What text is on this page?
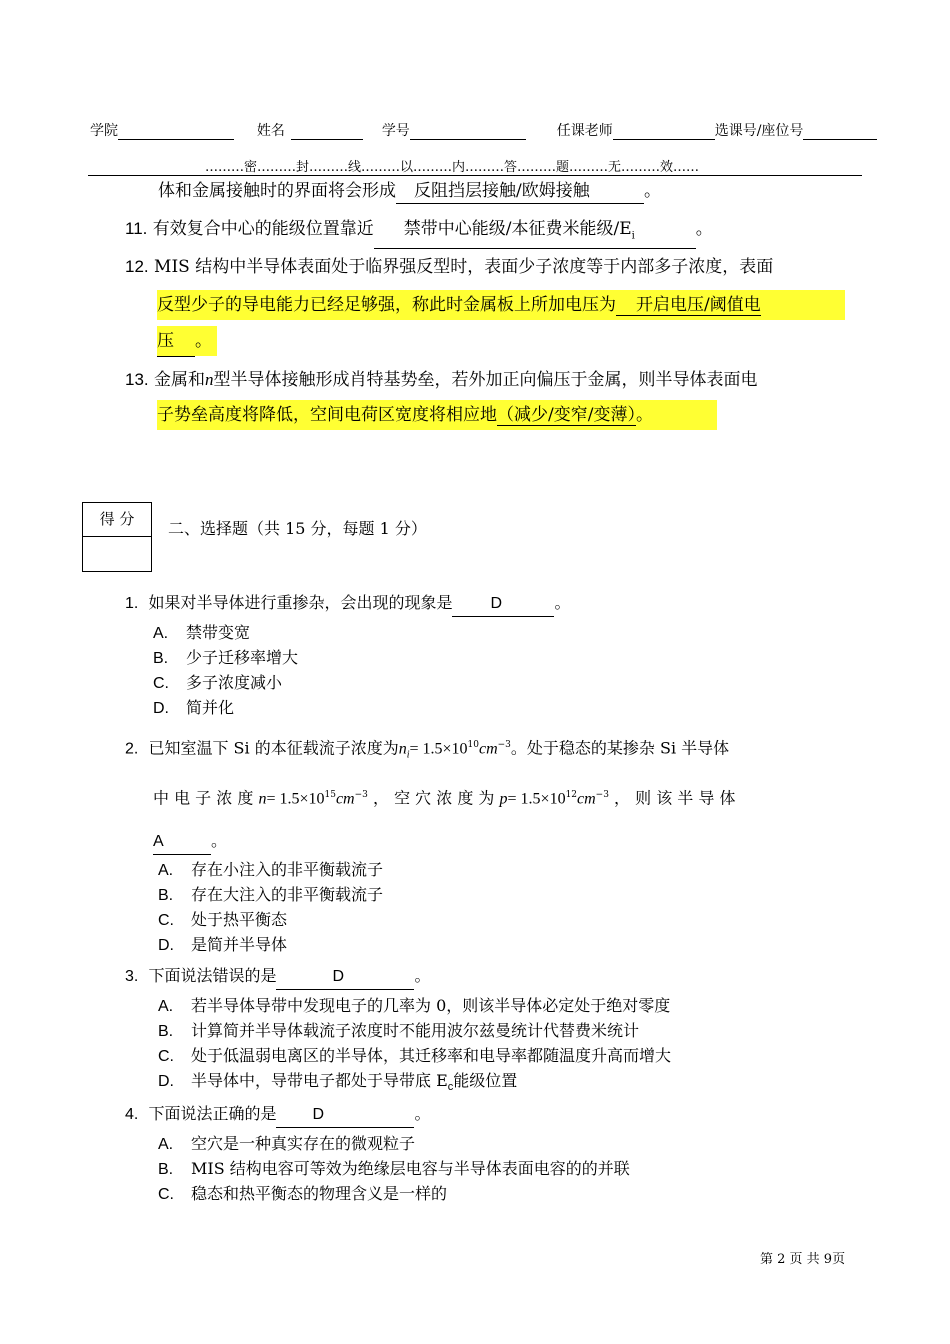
学院	姓名	学号	任课老师	选课号/座位号
………密………封………线………以………内………答………题………无………效……
体和金属接触时的界面将会形成 反阻挡层接触/欧姆接触	。
11. 有效复合中心的能级位置靠近 禁带中心能级/本征费米能级$/E_i$	。
12. MIS 结构中半导体表面处于临界强反型时，表面少子浓度等于内部多子浓度，表面
反型少子的导电能力已经足够强，称此时金属板上所加电压为 开启电压/阈值电
压 。
13. 金属和n型半导体接触形成肖特基势垒，若外加正向偏压于金属，则半导体表面电
子势垒高度将降低，空间电荷区宽度将相应地（减少/变窄/变薄）。
得 分	二、选择题（共 15 分，每题 1 分）
1. 如果对半导体进行重掺杂，会出现的现象是 D	。
A. 禁带变宽
B. 少子迁移率增大
C. 多子浓度减小
D. 简并化
2. 已知室温下 Si 的本征载流子浓度为$n_i= 1.5\times 10^{10}cm^{-3}$。处于稳态的某掺杂 Si 半导体
中 电 子 浓 度 $n= 1.5\times 10^{15}cm^{-3}$ ， 空 穴 浓 度 为 $p= 1.5\times 10^{12}cm^{-3}$ ， 则 该 半 导 体
A	。
A. 存在小注入的非平衡载流子
B. 存在大注入的非平衡载流子
C. 处于热平衡态
D. 是简并半导体
3. 下面说法错误的是	D	。
A. 若半导体导带中发现电子的几率为 0，则该半导体必定处于绝对零度
B. 计算简并半导体载流子浓度时不能用波尔兹曼统计代替费米统计
C. 处于低温弱电离区的半导体，其迁移率和电导率都随温度升高而增大
D. 半导体中，导带电子都处于导带底 $E_c$能级位置
4. 下面说法正确的是 D	。
A. 空穴是一种真实存在的微观粒子
B. MIS 结构电容可等效为绝缘层电容与半导体表面电容的的并联
C. 稳态和热平衡态的物理含义是一样的
第 2 页 共 9页
